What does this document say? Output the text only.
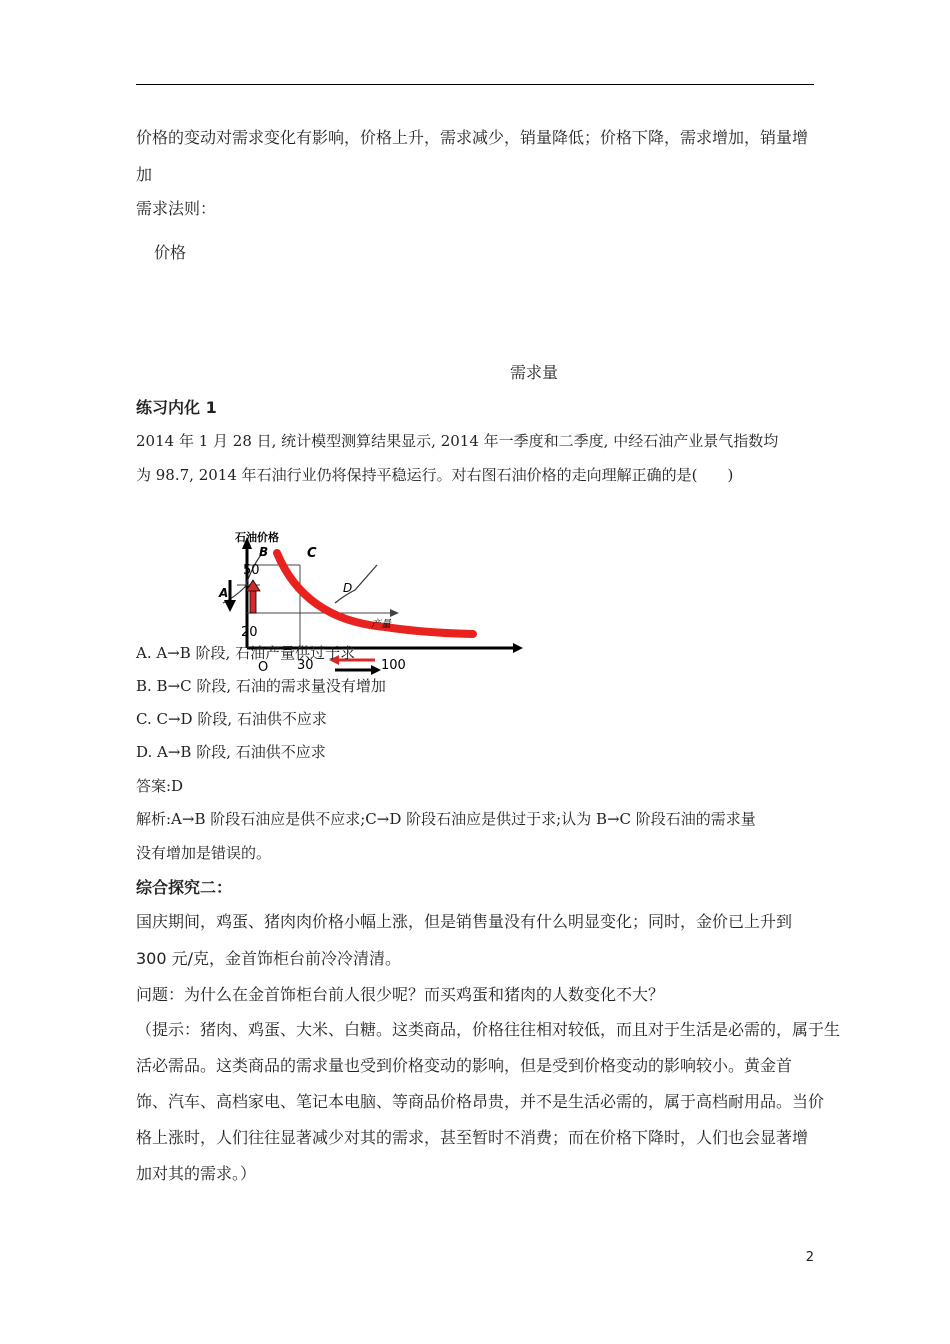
价格的变动对需求变化有影响，价格上升，需求减少，销量降低；价格下降，需求增加，销量增
加
需求法则：
价格
需求量
练习内化 1
2014 年 1 月 28 日, 统计模型测算结果显示, 2014 年一季度和二季度, 中经石油产业景气指数均
为 98.7, 2014 年石油行业仍将保持平稳运行。对右图石油价格的走向理解正确的是(　　)
石油价格
产量
A
B	C
D
50
20
O 30	100
A. A→B 阶段, 石油产量供过于求
B. B→C 阶段, 石油的需求量没有增加
C. C→D 阶段, 石油供不应求
D. A→B 阶段, 石油供不应求
答案:D
解析:A→B 阶段石油应是供不应求;C→D 阶段石油应是供过于求;认为 B→C 阶段石油的需求量
没有增加是错误的。
综合探究二：
国庆期间，鸡蛋、猪肉肉价格小幅上涨，但是销售量没有什么明显变化；同时，金价已上升到
300 元/克，金首饰柜台前冷冷清清。
问题：为什么在金首饰柜台前人很少呢？而买鸡蛋和猪肉的人数变化不大？
（提示：猪肉、鸡蛋、大米、白糖。这类商品，价格往往相对较低，而且对于生活是必需的，属于生
活必需品。这类商品的需求量也受到价格变动的影响，但是受到价格变动的影响较小。黄金首
饰、汽车、高档家电、笔记本电脑、等商品价格昂贵，并不是生活必需的，属于高档耐用品。当价
格上涨时，人们往往显著减少对其的需求，甚至暂时不消费；而在价格下降时，人们也会显著增
加对其的需求。）
2
